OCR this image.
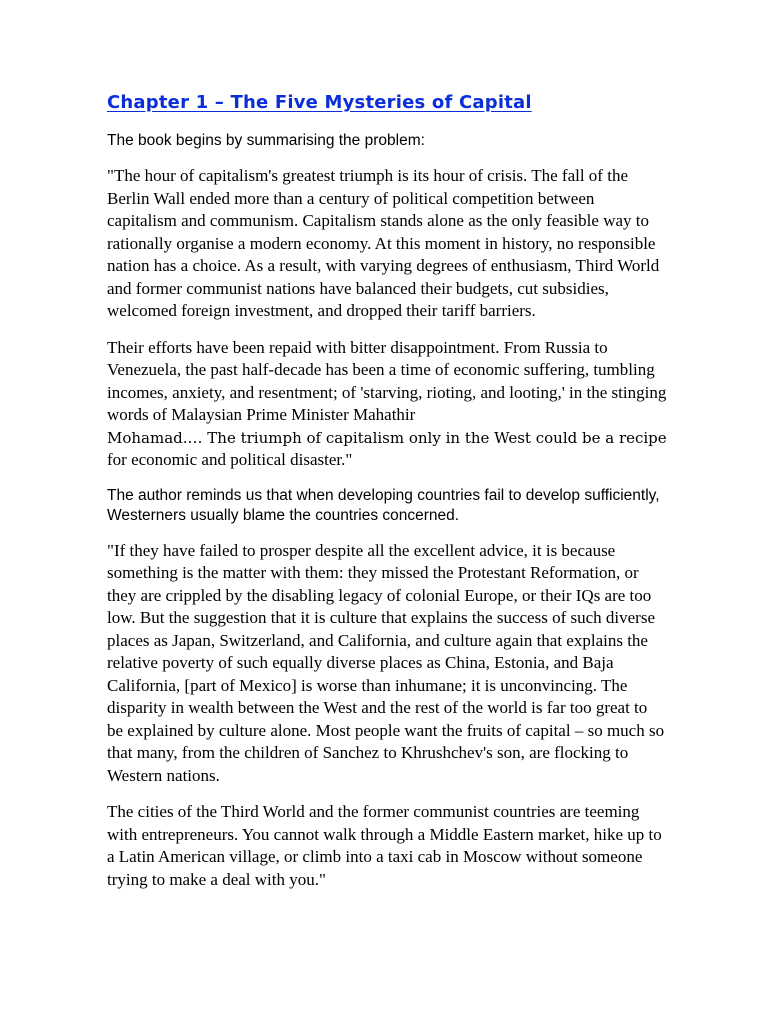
Chapter 1 – The Five Mysteries of Capital

The book begins by summarising the problem:

"The hour of capitalism's greatest triumph is its hour of crisis. The fall of the Berlin Wall ended more than a century of political competition between capitalism and communism. Capitalism stands alone as the only feasible way to rationally organise a modern economy. At this moment in history, no responsible nation has a choice. As a result, with varying degrees of enthusiasm, Third World and former communist nations have balanced their budgets, cut subsidies, welcomed foreign investment, and dropped their tariff barriers.

Their efforts have been repaid with bitter disappointment. From Russia to Venezuela, the past half-decade has been a time of economic suffering, tumbling incomes, anxiety, and resentment; of 'starving, rioting, and looting,' in the stinging words of Malaysian Prime Minister Mahathir
Mohamad.… The triumph of capitalism only in the West could be a recipe
for economic and political disaster."

The author reminds us that when developing countries fail to develop sufficiently, Westerners usually blame the countries concerned.

"If they have failed to prosper despite all the excellent advice, it is because something is the matter with them: they missed the Protestant Reformation, or they are crippled by the disabling legacy of colonial Europe, or their IQs are too low. But the suggestion that it is culture that explains the success of such diverse places as Japan, Switzerland, and California, and culture again that explains the relative poverty of such equally diverse places as China, Estonia, and Baja California, [part of Mexico] is worse than inhumane; it is unconvincing. The disparity in wealth between the West and the rest of the world is far too great to be explained by culture alone. Most people want the fruits of capital – so much so that many, from the children of Sanchez to Khrushchev's son, are flocking to Western nations.

The cities of the Third World and the former communist countries are teeming with entrepreneurs. You cannot walk through a Middle Eastern market, hike up to a Latin American village, or climb into a taxi cab in Moscow without someone trying to make a deal with you."
